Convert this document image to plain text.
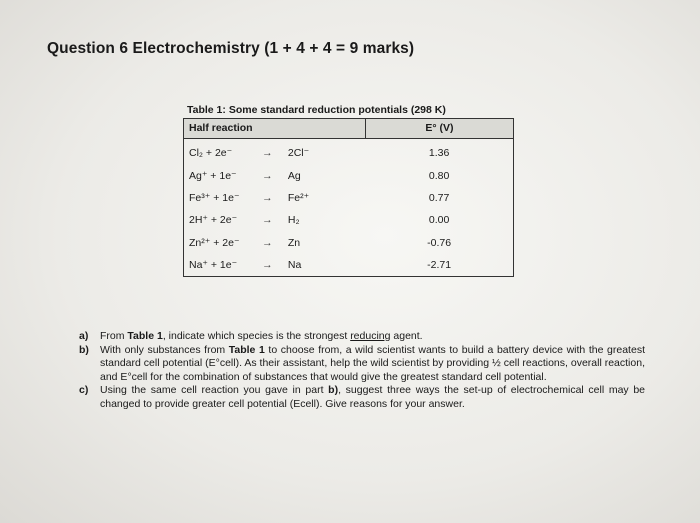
Question 6 Electrochemistry (1 + 4 + 4 = 9 marks)
Table 1: Some standard reduction potentials (298 K)
Half reaction			E° (V)
Cl₂ + 2e⁻	→	2Cl⁻	1.36
Ag⁺ + 1e⁻	→	Ag	0.80
Fe³⁺ + 1e⁻	→	Fe²⁺	0.77
2H⁺ + 2e⁻	→	H₂	0.00
Zn²⁺ + 2e⁻	→	Zn	-0.76
Na⁺ + 1e⁻	→	Na	-2.71
a)	From Table 1, indicate which species is the strongest reducing agent.
b)	With only substances from Table 1 to choose from, a wild scientist wants to build a battery device with the greatest standard cell potential (E°cell). As their assistant, help the wild scientist by providing ½ cell reactions, overall reaction, and E°cell for the combination of substances that would give the greatest standard cell potential.
c)	Using the same cell reaction you gave in part b), suggest three ways the set-up of electrochemical cell may be changed to provide greater cell potential (Ecell). Give reasons for your answer.
